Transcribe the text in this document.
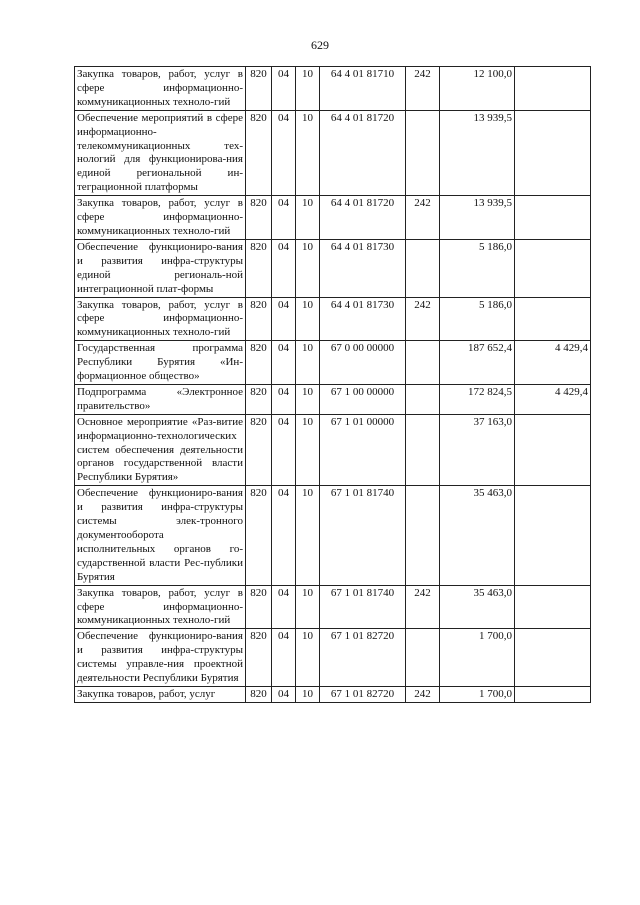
629
Закупка товаров, работ, услуг в сфере информационно-коммуникационных техноло-гий	820	04	10	64 4 01 81710	242	12 100,0	
Обеспечение мероприятий в сфере информационно-телекоммуникационных тех-нологий для функционирова-ния единой региональной ин-теграционной платформы	820	04	10	64 4 01 81720		13 939,5	
Закупка товаров, работ, услуг в сфере информационно-коммуникационных техноло-гий	820	04	10	64 4 01 81720	242	13 939,5	
Обеспечение функциониро-вания и развития инфра-структуры единой региональ-ной интеграционной плат-формы	820	04	10	64 4 01 81730		5 186,0	
Закупка товаров, работ, услуг в сфере информационно-коммуникационных техноло-гий	820	04	10	64 4 01 81730	242	5 186,0	
Государственная программа Республики Бурятия «Ин-формационное общество»	820	04	10	67 0 00 00000		187 652,4	4 429,4
Подпрограмма «Электронное правительство»	820	04	10	67 1 00 00000		172 824,5	4 429,4
Основное мероприятие «Раз-витие информационно-технологических систем обеспечения деятельности органов государственной власти Республики Бурятия»	820	04	10	67 1 01 00000		37 163,0	
Обеспечение функциониро-вания и развития инфра-структуры системы элек-тронного документооборота исполнительных органов го-сударственной власти Рес-публики Бурятия	820	04	10	67 1 01 81740		35 463,0	
Закупка товаров, работ, услуг в сфере информационно-коммуникационных техноло-гий	820	04	10	67 1 01 81740	242	35 463,0	
Обеспечение функциониро-вания и развития инфра-структуры системы управле-ния проектной деятельности Республики Бурятия	820	04	10	67 1 01 82720		1 700,0	
Закупка товаров, работ, услуг	820	04	10	67 1 01 82720	242	1 700,0	
